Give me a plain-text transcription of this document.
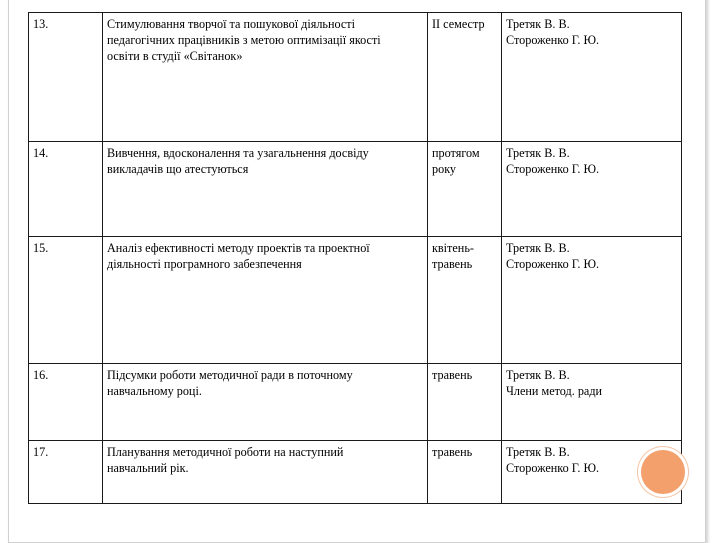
13.	Стимулювання творчої та пошукової діяльності
педагогічних працівників з метою оптимізації якості
освіти в студії «Світанок»	ІІ семестр	Третяк В. В.
Стороженко Г. Ю.

14.	Вивчення, вдосконалення та узагальнення досвіду
викладачів що атестуються	протягом
року	Третяк В. В.
Стороженко Г. Ю.

15.	Аналіз ефективності методу проектів та проектної
діяльності програмного забезпечення	квітень-
травень	Третяк В. В.
Стороженко Г. Ю.

16.	Підсумки роботи методичної ради в поточному
навчальному році.	травень	Третяк В. В.
Члени метод. ради

17.	Планування методичної роботи на наступний
навчальний рік.	травень	Третяк В. В.
Стороженко Г. Ю.
